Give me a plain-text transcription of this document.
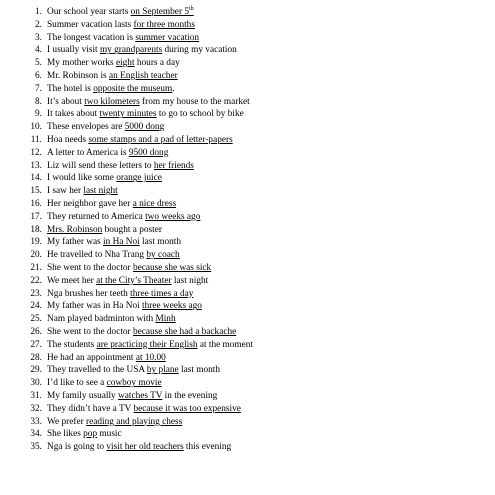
1. Our school year starts on September 5th
2. Summer vacation lasts for three months
3. The longest vacation is summer vacation
4. I usually visit my grandparents during my vacation
5. My mother works eight hours a day
6. Mr. Robinson is an English teacher
7. The hotel is opposite the museum.
8. It’s about two kilometers from my house to the market
9. It takes about twenty minutes to go to school by bike
10. These envelopes are 5000 dong
11. Hoa needs some stamps and a pad of letter-papers
12. A letter to America is 9500 dong
13. Liz will send these letters to her friends
14. I would like some orange juice
15. I saw her last night
16. Her neighbor gave her a nice dress
17. They returned to America two weeks ago
18. Mrs. Robinson bought a poster
19. My father was in Ha Noi last month
20. He travelled to Nha Trang by coach
21. She went to the doctor because she was sick
22. We meet her at the City’s Theater last night
23. Nga brushes her teeth three times a day
24. My father was in Ha Noi three weeks ago
25. Nam played badminton with Minh
26. She went to the doctor because she had a backache
27. The students are practicing their English at the moment
28. He had an appointment at 10.00
29. They travelled to the USA by plane last month
30. I’d like to see a cowboy movie
31. My family usually watches TV in the evening
32. They didn’t have a TV because it was too expensive
33. We prefer reading and playing chess
34. She likes pop music
35. Nga is going to visit her old teachers this evening
